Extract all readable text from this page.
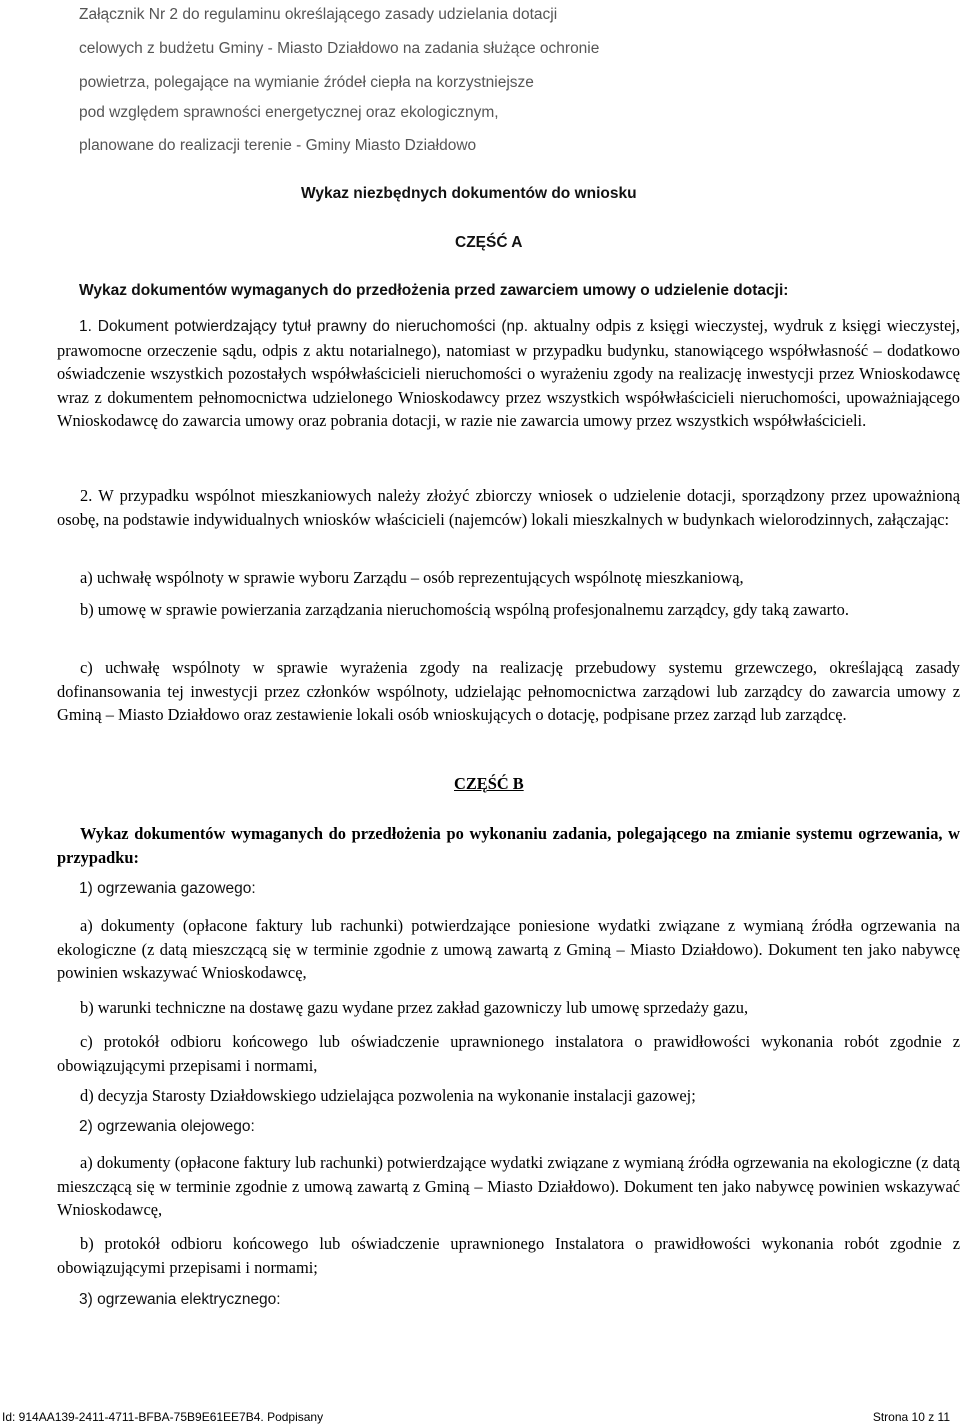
Załącznik Nr 2 do regulaminu określającego zasady udzielania dotacji
celowych z budżetu Gminy - Miasto Działdowo na zadania służące ochronie
powietrza, polegające na wymianie źródeł ciepła na korzystniejsze
pod względem sprawności energetycznej oraz ekologicznym,
planowane do realizacji terenie - Gminy Miasto Działdowo
Wykaz niezbędnych dokumentów do wniosku
CZĘŚĆ A
Wykaz dokumentów wymaganych do przedłożenia przed zawarciem umowy o udzielenie dotacji:
1. Dokument potwierdzający tytuł prawny do nieruchomości (np. aktualny odpis z księgi wieczystej, wydruk z księgi wieczystej, prawomocne orzeczenie sądu, odpis z aktu notarialnego), natomiast w przypadku budynku, stanowiącego współwłasność – dodatkowo oświadczenie wszystkich pozostałych współwłaścicieli nieruchomości o wyrażeniu zgody na realizację inwestycji przez Wnioskodawcę wraz z dokumentem pełnomocnictwa udzielonego Wnioskodawcy przez wszystkich współwłaścicieli nieruchomości, upoważniającego Wnioskodawcę do zawarcia umowy oraz pobrania dotacji, w razie nie zawarcia umowy przez wszystkich współwłaścicieli.
2. W przypadku wspólnot mieszkaniowych należy złożyć zbiorczy wniosek o udzielenie dotacji, sporządzony przez upoważnioną osobę, na podstawie indywidualnych wniosków właścicieli (najemców) lokali mieszkalnych w budynkach wielorodzinnych, załączając:
a) uchwałę wspólnoty w sprawie wyboru Zarządu – osób reprezentujących wspólnotę mieszkaniową,
b) umowę w sprawie powierzania zarządzania nieruchomością wspólną profesjonalnemu zarządcy, gdy taką zawarto.
c) uchwałę wspólnoty w sprawie wyrażenia zgody na realizację przebudowy systemu grzewczego, określającą zasady dofinansowania tej inwestycji przez członków wspólnoty, udzielając pełnomocnictwa zarządowi lub zarządcy do zawarcia umowy z Gminą – Miasto Działdowo oraz zestawienie lokali osób wnioskujących o dotację, podpisane przez zarząd lub zarządcę.
CZĘŚĆ B
Wykaz dokumentów wymaganych do przedłożenia po wykonaniu zadania, polegającego na zmianie systemu ogrzewania, w przypadku:
1) ogrzewania gazowego:
a) dokumenty (opłacone faktury lub rachunki) potwierdzające poniesione wydatki związane z wymianą źródła ogrzewania na ekologiczne (z datą mieszczącą się w terminie zgodnie z umową zawartą z Gminą – Miasto Działdowo). Dokument ten jako nabywcę powinien wskazywać Wnioskodawcę,
b) warunki techniczne na dostawę gazu wydane przez zakład gazowniczy lub umowę sprzedaży gazu,
c) protokół odbioru końcowego lub oświadczenie uprawnionego instalatora o prawidłowości wykonania robót zgodnie z obowiązującymi przepisami i normami,
d) decyzja Starosty Działdowskiego udzielająca pozwolenia na wykonanie instalacji gazowej;
2) ogrzewania olejowego:
a) dokumenty (opłacone faktury lub rachunki) potwierdzające wydatki związane z wymianą źródła ogrzewania na ekologiczne (z datą mieszczącą się w terminie zgodnie z umową zawartą z Gminą – Miasto Działdowo). Dokument ten jako nabywcę powinien wskazywać Wnioskodawcę,
b) protokół odbioru końcowego lub oświadczenie uprawnionego Instalatora o prawidłowości wykonania robót zgodnie z obowiązującymi przepisami i normami;
3) ogrzewania elektrycznego:
Id: 914AA139-2411-4711-BFBA-75B9E61EE7B4. Podpisany	Strona 10 z 11
